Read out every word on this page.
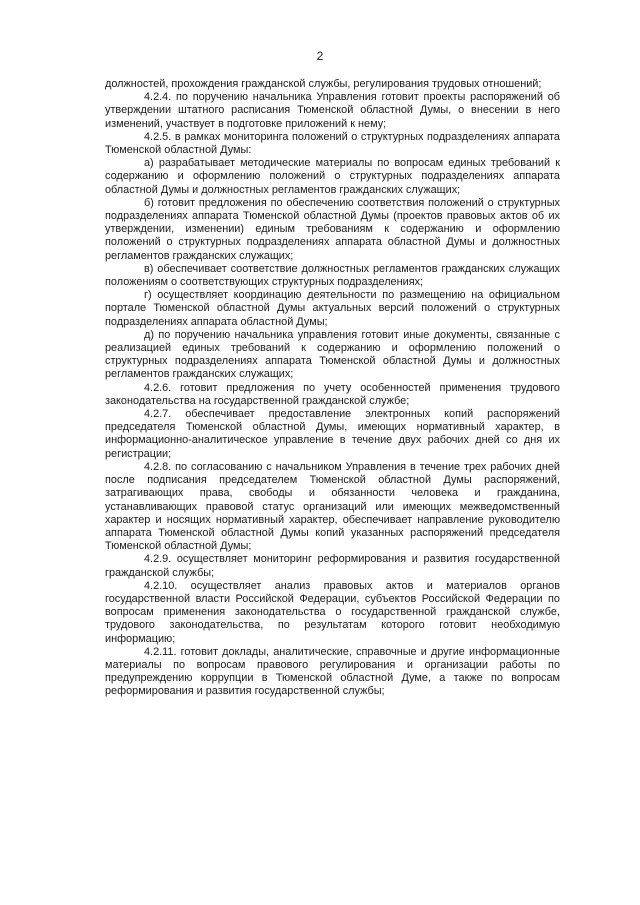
2

должностей, прохождения гражданской службы, регулирования трудовых отношений;

4.2.4. по поручению начальника Управления готовит проекты распоряжений об утверждении штатного расписания Тюменской областной Думы, о внесении в него изменений, участвует в подготовке приложений к нему;

4.2.5. в рамках мониторинга положений о структурных подразделениях аппарата Тюменской областной Думы:

а) разрабатывает методические материалы по вопросам единых требований к содержанию и оформлению положений о структурных подразделениях аппарата областной Думы и должностных регламентов гражданских служащих;

б) готовит предложения по обеспечению соответствия положений о структурных подразделениях аппарата Тюменской областной Думы (проектов правовых актов об их утверждении, изменении) единым требованиям к содержанию и оформлению положений о структурных подразделениях аппарата областной Думы и должностных регламентов гражданских служащих;

в) обеспечивает соответствие должностных регламентов гражданских служащих положениям о соответствующих структурных подразделениях;

г) осуществляет координацию деятельности по размещению на официальном портале Тюменской областной Думы актуальных версий положений о структурных подразделениях аппарата областной Думы;

д) по поручению начальника управления готовит иные документы, связанные с реализацией единых требований к содержанию и оформлению положений о структурных подразделениях аппарата Тюменской областной Думы и должностных регламентов гражданских служащих;

4.2.6. готовит предложения по учету особенностей применения трудового законодательства на государственной гражданской службе;

4.2.7. обеспечивает предоставление электронных копий распоряжений председателя Тюменской областной Думы, имеющих нормативный характер, в информационно-аналитическое управление в течение двух рабочих дней со дня их регистрации;

4.2.8. по согласованию с начальником Управления в течение трех рабочих дней после подписания председателем Тюменской областной Думы распоряжений, затрагивающих права, свободы и обязанности человека и гражданина, устанавливающих правовой статус организаций или имеющих межведомственный характер и носящих нормативный характер, обеспечивает направление руководителю аппарата Тюменской областной Думы копий указанных распоряжений председателя Тюменской областной Думы;

4.2.9. осуществляет мониторинг реформирования и развития государственной гражданской службы;

4.2.10. осуществляет анализ правовых актов и материалов органов государственной власти Российской Федерации, субъектов Российской Федерации по вопросам применения законодательства о государственной гражданской службе, трудового законодательства, по результатам которого готовит необходимую информацию;

4.2.11. готовит доклады, аналитические, справочные и другие информационные материалы по вопросам правового регулирования и организации работы по предупреждению коррупции в Тюменской областной Думе, а также по вопросам реформирования и развития государственной службы;
